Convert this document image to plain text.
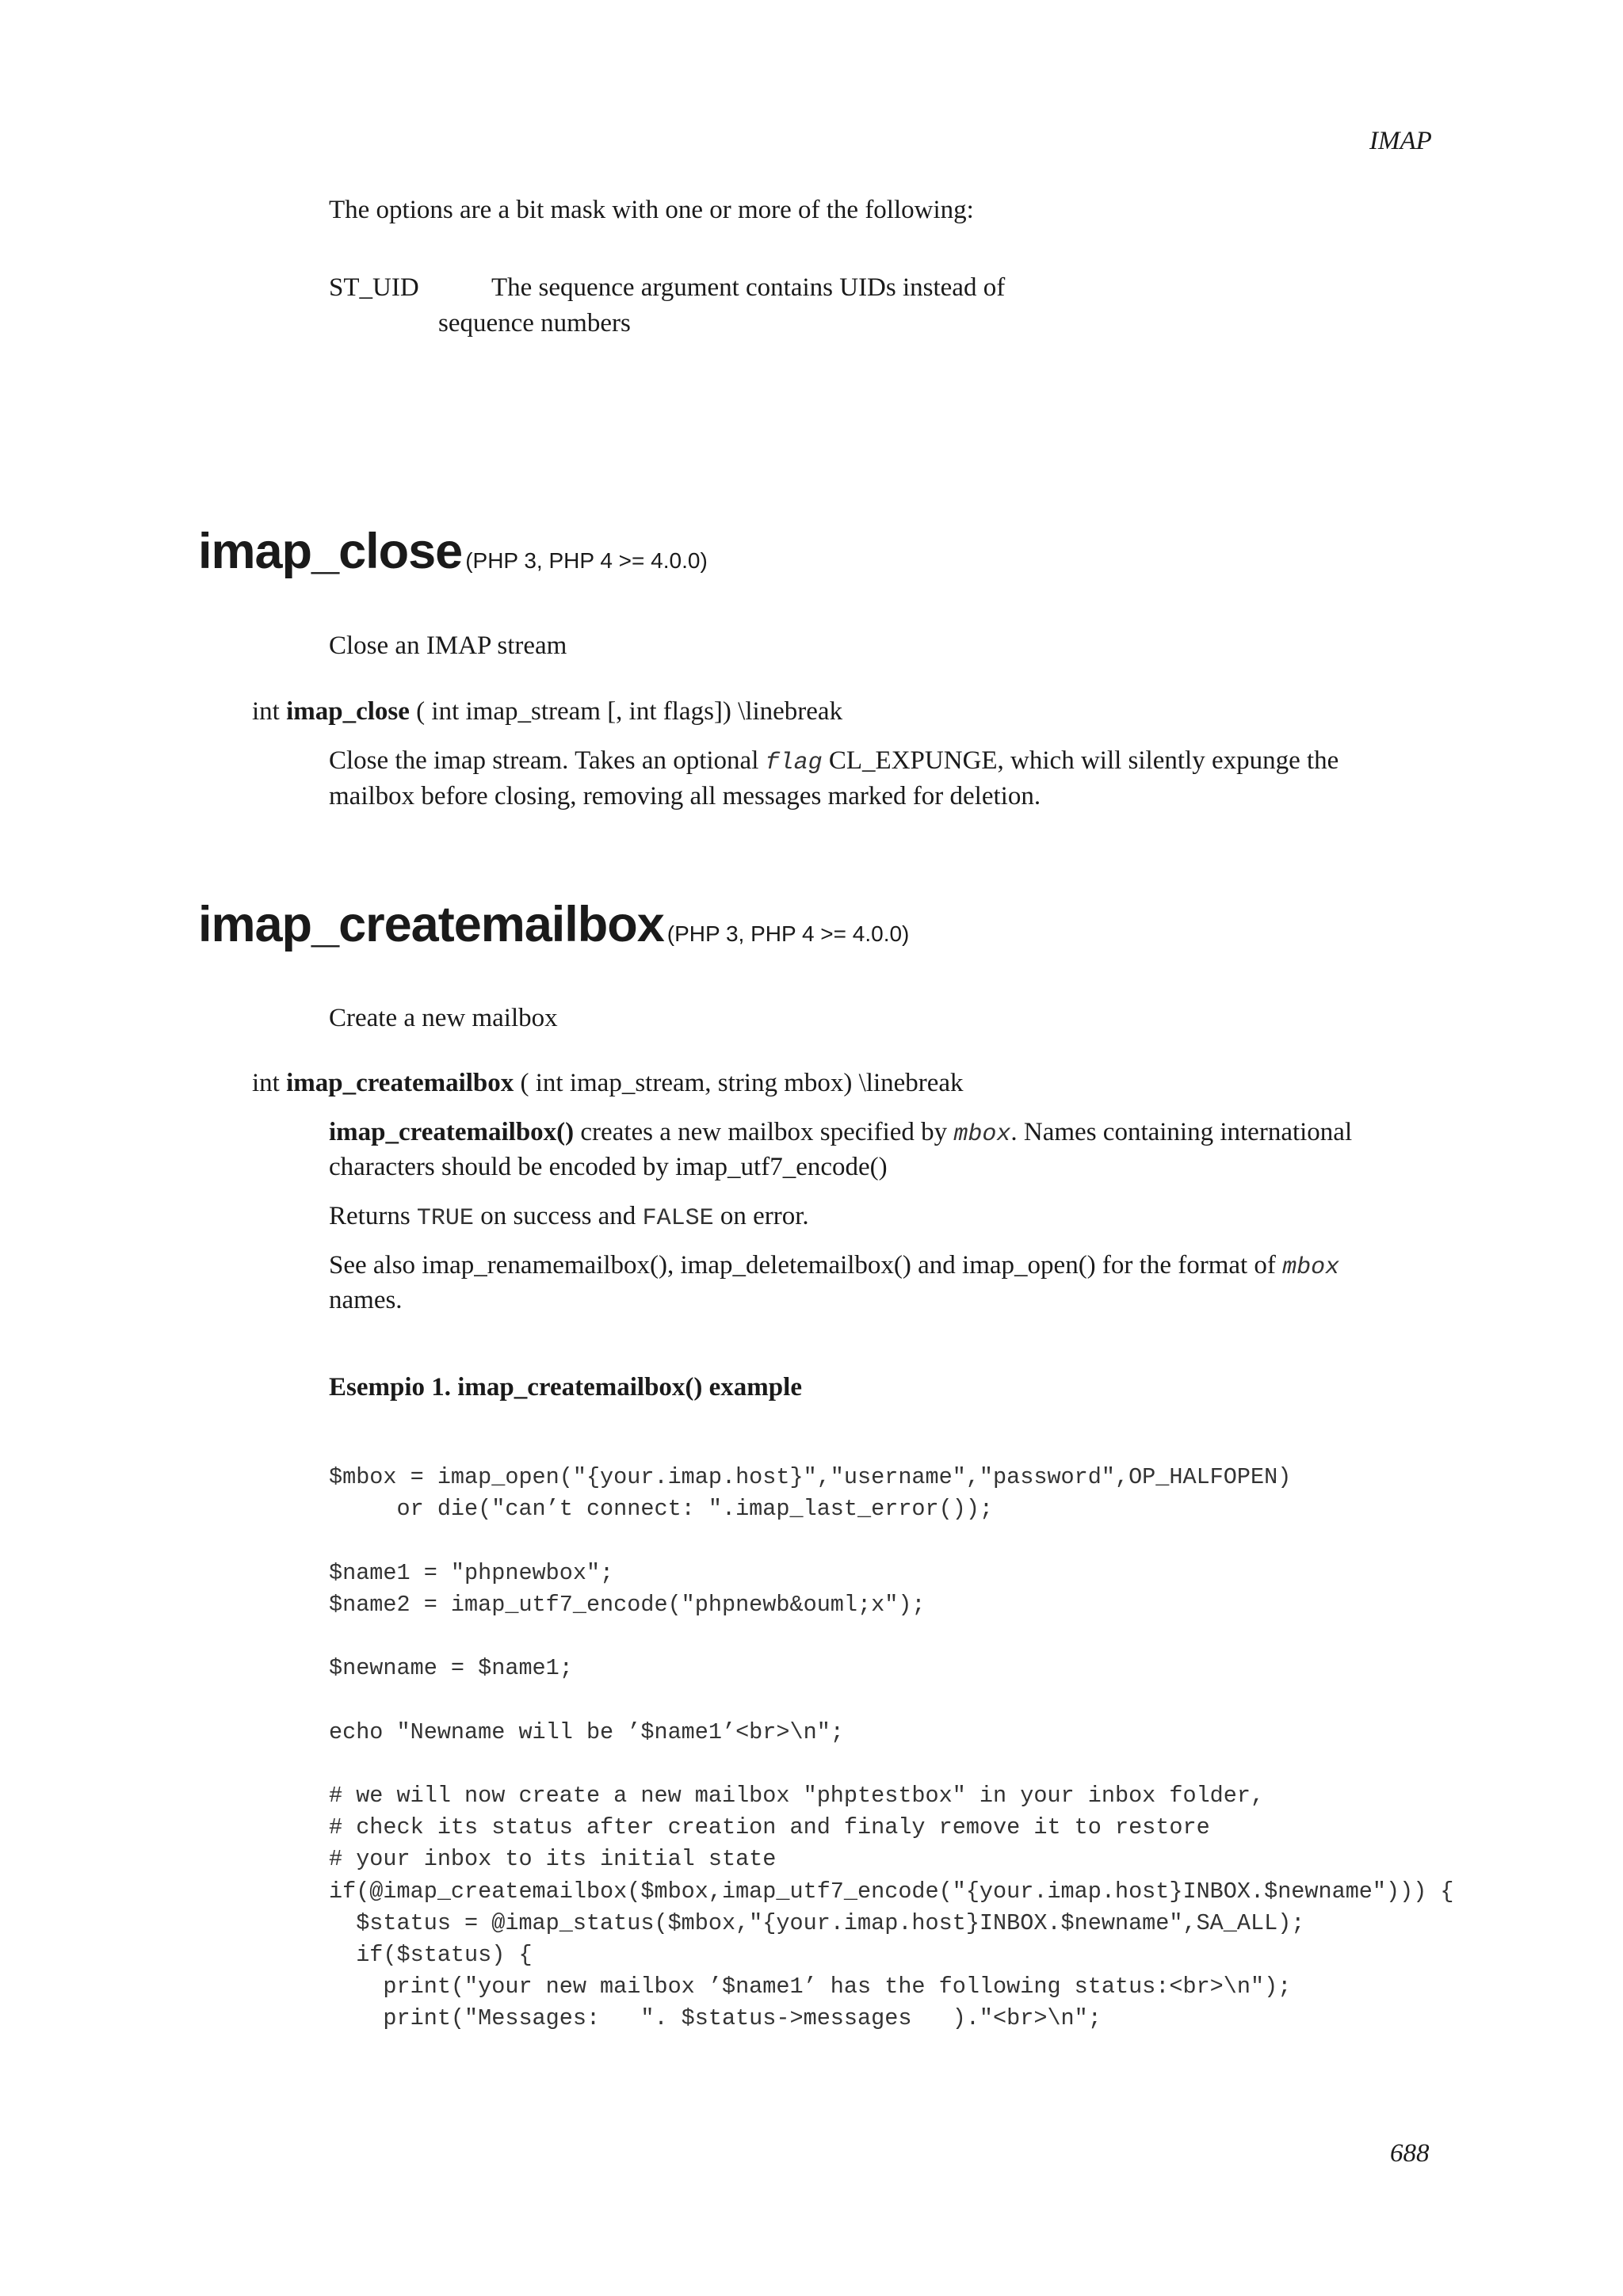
IMAP
The options are a bit mask with one or more of the following:
ST_UID	The sequence argument contains UIDs instead of
sequence numbers
imap_close (PHP 3, PHP 4 >= 4.0.0)
Close an IMAP stream
int imap_close ( int imap_stream [, int flags]) \linebreak
Close the imap stream. Takes an optional flag CL_EXPUNGE, which will silently expunge the
mailbox before closing, removing all messages marked for deletion.
imap_createmailbox (PHP 3, PHP 4 >= 4.0.0)
Create a new mailbox
int imap_createmailbox ( int imap_stream, string mbox) \linebreak
imap_createmailbox() creates a new mailbox specified by mbox. Names containing international
characters should be encoded by imap_utf7_encode()
Returns TRUE on success and FALSE on error.
See also imap_renamemailbox(), imap_deletemailbox() and imap_open() for the format of mbox
names.
Esempio 1. imap_createmailbox() example
$mbox = imap_open("{your.imap.host}","username","password",OP_HALFOPEN)
or die("can’t connect: ".imap_last_error());

$name1 = "phpnewbox";
$name2 = imap_utf7_encode("phpnewb&ouml;x");

$newname = $name1;

echo "Newname will be ’$name1’<br>\n";

# we will now create a new mailbox "phptestbox" in your inbox folder,
# check its status after creation and finaly remove it to restore
# your inbox to its initial state
if(@imap_createmailbox($mbox,imap_utf7_encode("{your.imap.host}INBOX.$newname"))) {
$status = @imap_status($mbox,"{your.imap.host}INBOX.$newname",SA_ALL);
if($status) {
print("your new mailbox ’$name1’ has the following status:<br>\n");
print("Messages:   ". $status->messages   )."<br>\n";
688
